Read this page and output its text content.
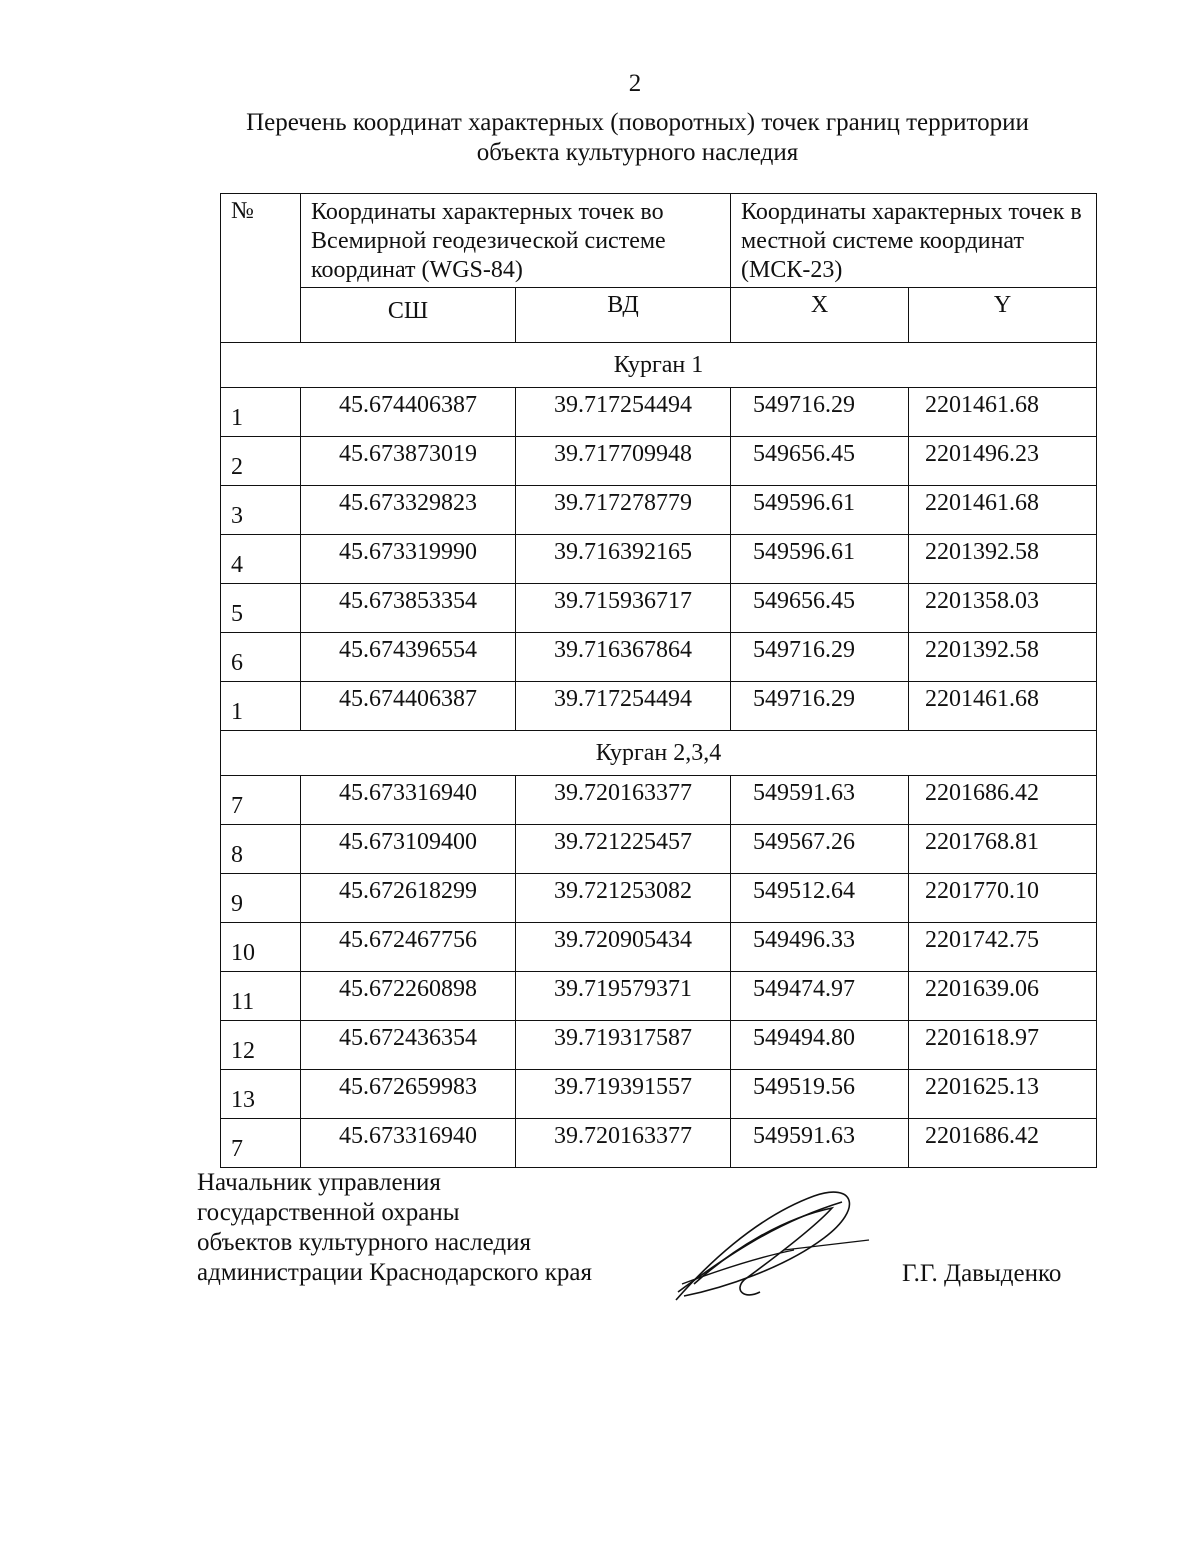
2
Перечень координат характерных (поворотных) точек границ территории
объекта культурного наследия
№	Координаты характерных точек во Всемирной геодезической системе координат (WGS-84)		Координаты характерных точек в местной системе координат (МСК-23)	
	СШ	ВД	X	Y
Курган 1				
1	45.674406387	39.717254494	549716.29	2201461.68
2	45.673873019	39.717709948	549656.45	2201496.23
3	45.673329823	39.717278779	549596.61	2201461.68
4	45.673319990	39.716392165	549596.61	2201392.58
5	45.673853354	39.715936717	549656.45	2201358.03
6	45.674396554	39.716367864	549716.29	2201392.58
1	45.674406387	39.717254494	549716.29	2201461.68
Курган 2,3,4				
7	45.673316940	39.720163377	549591.63	2201686.42
8	45.673109400	39.721225457	549567.26	2201768.81
9	45.672618299	39.721253082	549512.64	2201770.10
10	45.672467756	39.720905434	549496.33	2201742.75
11	45.672260898	39.719579371	549474.97	2201639.06
12	45.672436354	39.719317587	549494.80	2201618.97
13	45.672659983	39.719391557	549519.56	2201625.13
7	45.673316940	39.720163377	549591.63	2201686.42
Начальник управления
государственной охраны
объектов культурного наследия
администрации Краснодарского края	Г.Г. Давыденко
